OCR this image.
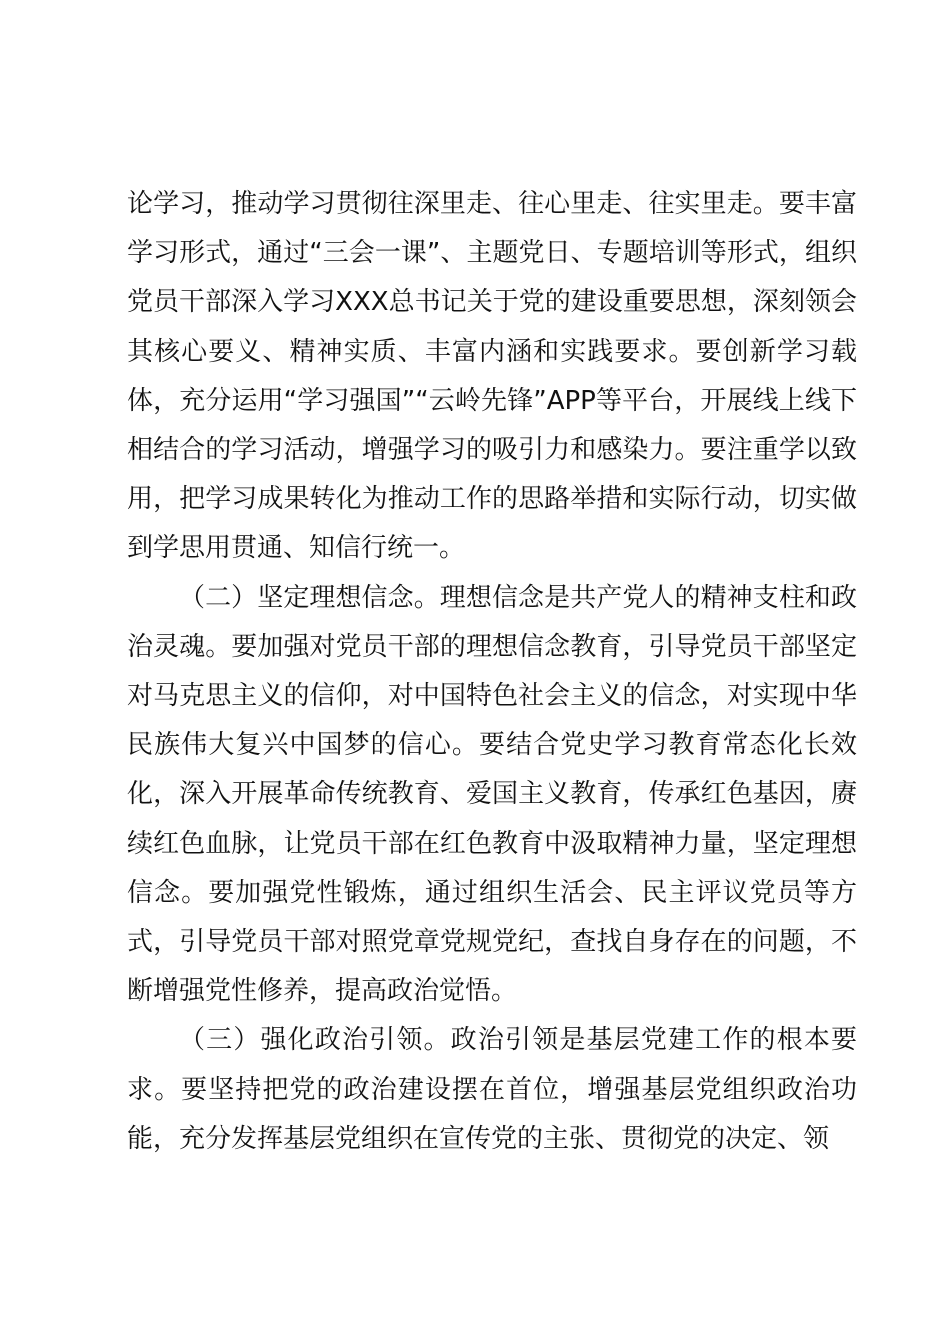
论学习，推动学习贯彻往深里走、往心里走、往实里走。要丰富学习形式，通过“三会一课”、主题党日、专题培训等形式，组织党员干部深入学习XXX总书记关于党的建设重要思想，深刻领会其核心要义、精神实质、丰富内涵和实践要求。要创新学习载体，充分运用“学习强国”“云岭先锋”APP等平台，开展线上线下相结合的学习活动，增强学习的吸引力和感染力。要注重学以致用，把学习成果转化为推动工作的思路举措和实际行动，切实做到学思用贯通、知信行统一。

（二）坚定理想信念。理想信念是共产党人的精神支柱和政治灵魂。要加强对党员干部的理想信念教育，引导党员干部坚定对马克思主义的信仰，对中国特色社会主义的信念，对实现中华民族伟大复兴中国梦的信心。要结合党史学习教育常态化长效化，深入开展革命传统教育、爱国主义教育，传承红色基因，赓续红色血脉，让党员干部在红色教育中汲取精神力量，坚定理想信念。要加强党性锻炼，通过组织生活会、民主评议党员等方式，引导党员干部对照党章党规党纪，查找自身存在的问题，不断增强党性修养，提高政治觉悟。

（三）强化政治引领。政治引领是基层党建工作的根本要求。要坚持把党的政治建设摆在首位，增强基层党组织政治功能，充分发挥基层党组织在宣传党的主张、贯彻党的决定、领
